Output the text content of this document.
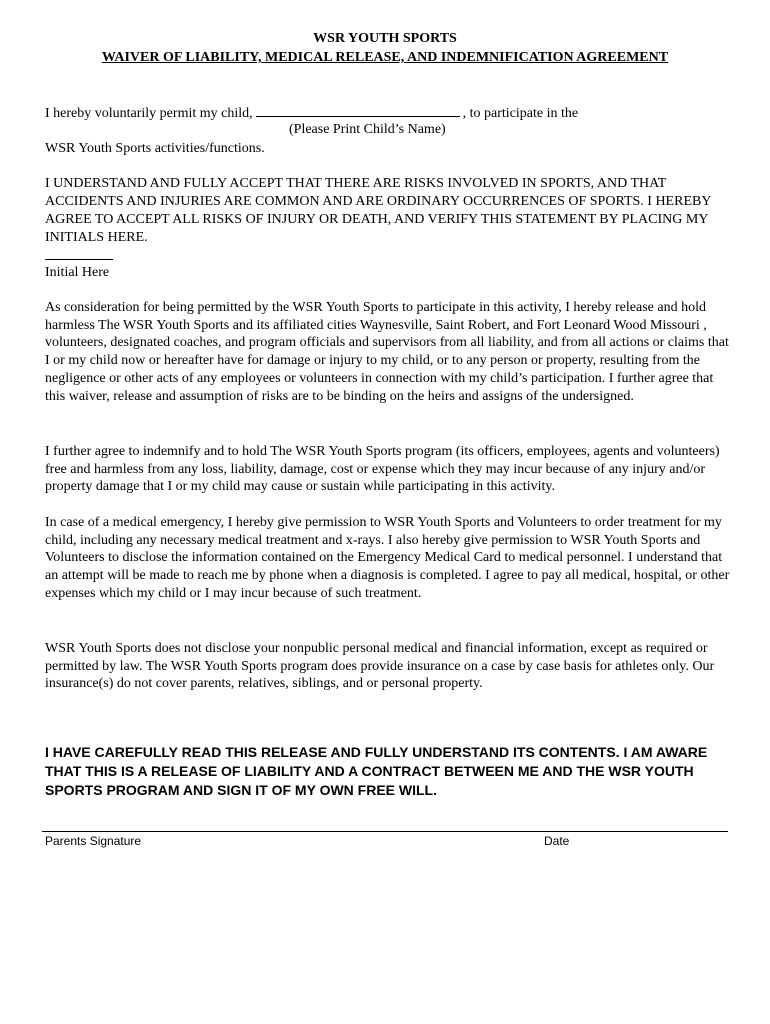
WSR YOUTH SPORTS
WAIVER OF LIABILITY, MEDICAL RELEASE, AND INDEMNIFICATION AGREEMENT
I hereby voluntarily permit my child,	, to participate in the
(Please Print Child’s Name)
WSR Youth Sports activities/functions.
I UNDERSTAND AND FULLY ACCEPT THAT THERE ARE RISKS INVOLVED IN SPORTS, AND THAT ACCIDENTS AND INJURIES ARE COMMON AND ARE ORDINARY OCCURRENCES OF SPORTS. I HEREBY AGREE TO ACCEPT ALL RISKS OF INJURY OR DEATH, AND VERIFY THIS STATEMENT BY PLACING MY INITIALS HERE.
Initial Here
As consideration for being permitted by the WSR Youth Sports to participate in this activity, I hereby release and hold harmless The WSR Youth Sports and its affiliated cities Waynesville, Saint Robert, and Fort Leonard Wood Missouri , volunteers, designated coaches, and program officials and supervisors from all liability, and from all actions or claims that I or my child now or hereafter have for damage or injury to my child, or to any person or property, resulting from the negligence or other acts of any employees or volunteers in connection with my child’s participation. I further agree that this waiver, release and assumption of risks are to be binding on the heirs and assigns of the undersigned.
I further agree to indemnify and to hold The WSR Youth Sports program (its officers, employees, agents and volunteers) free and harmless from any loss, liability, damage, cost or expense which they may incur because of any injury and/or property damage that I or my child may cause or sustain while participating in this activity.
In case of a medical emergency, I hereby give permission to WSR Youth Sports and Volunteers to order treatment for my child, including any necessary medical treatment and x-rays. I also hereby give permission to WSR Youth Sports and Volunteers to disclose the information contained on the Emergency Medical Card to medical personnel. I understand that an attempt will be made to reach me by phone when a diagnosis is completed. I agree to pay all medical, hospital, or other expenses which my child or I may incur because of such treatment.
WSR Youth Sports does not disclose your nonpublic personal medical and financial information, except as required or permitted by law. The WSR Youth Sports program does provide insurance on a case by case basis for athletes only. Our insurance(s) do not cover parents, relatives, siblings, and or personal property.
I HAVE CAREFULLY READ THIS RELEASE AND FULLY UNDERSTAND ITS CONTENTS. I AM AWARE THAT THIS IS A RELEASE OF LIABILITY AND A CONTRACT BETWEEN ME AND THE WSR YOUTH SPORTS PROGRAM AND SIGN IT OF MY OWN FREE WILL.
Parents Signature	Date
